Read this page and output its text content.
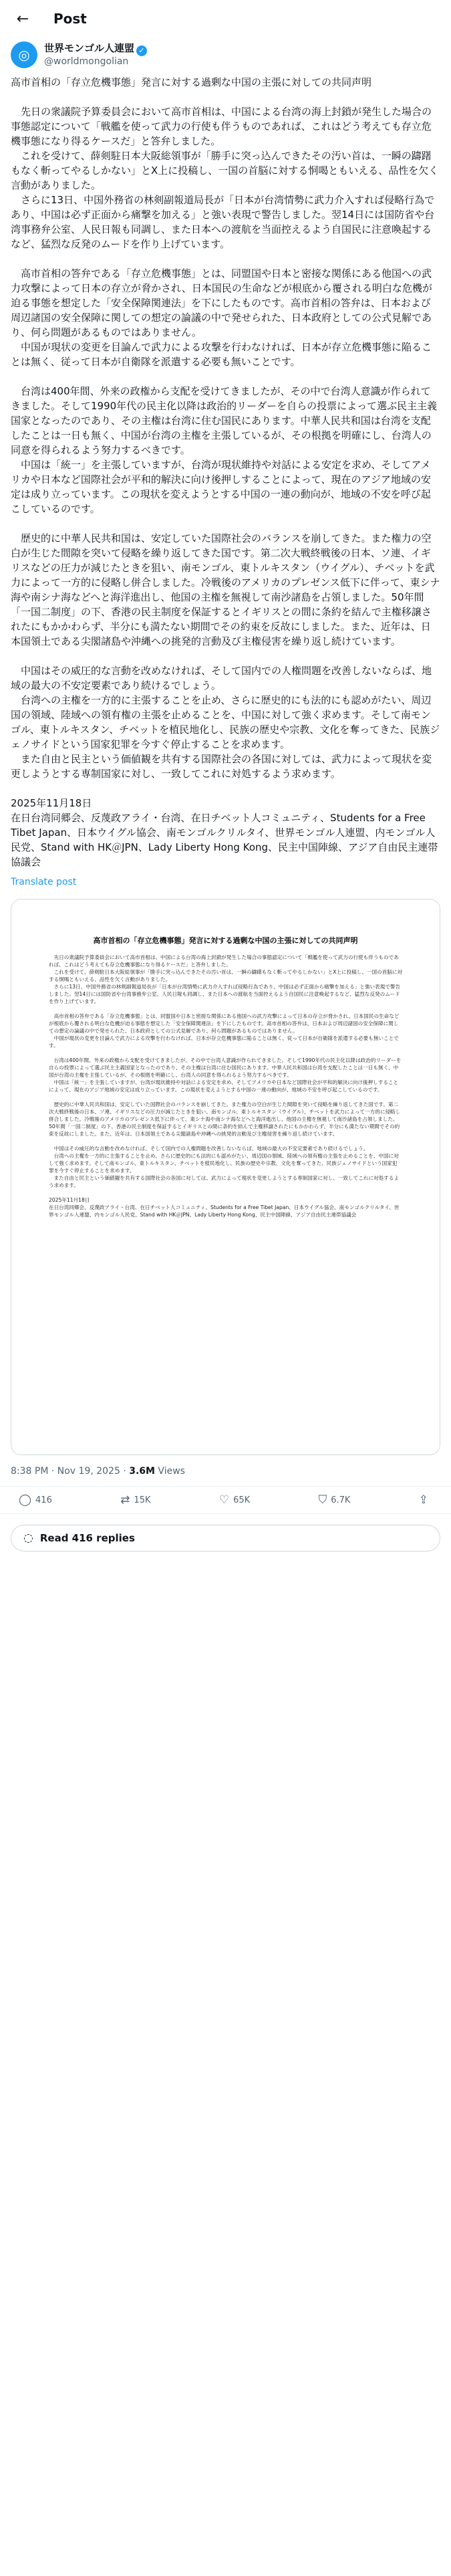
←	Post
◎	世界モンゴル人連盟 ✓
@worldmongolian

高市首相の「存立危機事態」発言に対する過剰な中国の主張に対しての共同声明

　先日の衆議院予算委員会において高市首相は、中国による台湾の海上封鎖が発生した場合の事態認定について「戦艦を使って武力の行使も伴うものであれば、これはどう考えても存立危機事態になり得るケースだ」と答弁しました。

　これを受けて、薛剣駐日本大阪総領事が「勝手に突っ込んできたその汚い首は、一瞬の躊躇もなく斬ってやるしかない」とX上に投稿し、一国の首脳に対する恫喝ともいえる、品性を欠く言動がありました。

　さらに13日、中国外務省の林剣副報道局長が「日本が台湾情勢に武力介入すれば侵略行為であり、中国は必ず正面から痛撃を加える」と強い表現で警告しました。翌14日には国防省や台湾事務弁公室、人民日報も同調し、また日本への渡航を当面控えるよう自国民に注意喚起するなど、猛烈な反発のムードを作り上げています。

　高市首相の答弁である「存立危機事態」とは、同盟国や日本と密接な関係にある他国への武力攻撃によって日本の存立が脅かされ、日本国民の生命などが根底から覆される明白な危機が迫る事態を想定した「安全保障関連法」を下にしたものです。高市首相の答弁は、日本および周辺諸国の安全保障に関しての想定の論議の中で発せられた、日本政府としての公式見解であり、何ら問題があるものではありません。

　中国が現状の変更を目論んで武力による攻撃を行わなければ、日本が存立危機事態に陥ることは無く、従って日本が自衛隊を派遣する必要も無いことです。

　台湾は400年間、外来の政権から支配を受けてきましたが、その中で台湾人意識が作られてきました。そして1990年代の民主化以降は政治的リーダーを自らの投票によって選ぶ民主主義国家となったのであり、その主権は台湾に住む国民にあります。中華人民共和国は台湾を支配したことは一日も無く、中国が台湾の主権を主張しているが、その根拠を明確にし、台湾人の同意を得られるよう努力するべきです。

　中国は「統一」を主張していますが、台湾が現状維持や対話による安定を求め、そしてアメリカや日本など国際社会が平和的解決に向け後押しすることによって、現在のアジア地域の安定は成り立っています。この現状を変えようとする中国の一連の動向が、地域の不安を呼び起こしているのです。

　歴史的に中華人民共和国は、安定していた国際社会のバランスを崩してきた。また権力の空白が生じた間隙を突いて侵略を繰り返してきた国です。第二次大戦終戦後の日本、ソ連、イギリスなどの圧力が減じたときを狙い、南モンゴル、東トルキスタン（ウイグル）、チベットを武力によって一方的に侵略し併合しました。冷戦後のアメリカのプレゼンス低下に伴って、東シナ海や南シナ海などへと海洋進出し、他国の主権を無視して南沙諸島を占領しました。50年間「一国二制度」の下、香港の民主制度を保証するとイギリスとの間に条約を結んで主権移譲されたにもかかわらず、半分にも満たない期間でその約束を反故にしました。また、近年は、日本国領土である尖閣諸島や沖縄への挑発的言動及び主権侵害を繰り返し続けています。

　中国はその威圧的な言動を改めなければ、そして国内での人権問題を改善しないならば、地域の最大の不安定要素であり続けるでしょう。

　台湾への主権を一方的に主張することを止め、さらに歴史的にも法的にも認めがたい、周辺国の領域、陸域への領有権の主張を止めることを、中国に対して強く求めます。そして南モンゴル、東トルキスタン、チベットを植民地化し、民族の歴史や宗教、文化を奪ってきた、民族ジェノサイドという国家犯罪を今すぐ停止することを求めます。

　また自由と民主という価値観を共有する国際社会の各国に対しては、武力によって現状を変更しようとする専制国家に対し、一致してこれに対処するよう求めます。

2025年11月18日

在日台湾同郷会、反蔑政アライ・台湾、在日チベット人コミュニティ、Students for a Free Tibet Japan、日本ウイグル協会、南モンゴルクリルタイ、世界モンゴル人連盟、内モンゴル人民党、Stand with HK＠JPN、Lady Liberty Hong Kong、民主中国陣線、アジア自由民主連帯協議会

Translate post
高市首相の「存立危機事態」発言に対する過剰な中国の主張に対しての共同声明

　先日の衆議院予算委員会において高市首相は、中国による台湾の海上封鎖が発生した場合の事態認定について「戦艦を使って武力の行使も伴うものであれば、これはどう考えても存立危機事態になり得るケースだ」と答弁しました。

　これを受けて、薛剣駐日本大阪総領事が「勝手に突っ込んできたその汚い首は、一瞬の躊躇もなく斬ってやるしかない」とX上に投稿し、一国の首脳に対する恫喝ともいえる、品性を欠く言動がありました。

　さらに13日、中国外務省の林剣副報道局長が「日本が台湾情勢に武力介入すれば侵略行為であり、中国は必ず正面から痛撃を加える」と強い表現で警告しました。翌14日には国防省や台湾事務弁公室、人民日報も同調し、また日本への渡航を当面控えるよう自国民に注意喚起するなど、猛烈な反発のムードを作り上げています。

　高市首相の答弁である「存立危機事態」とは、同盟国や日本と密接な関係にある他国への武力攻撃によって日本の存立が脅かされ、日本国民の生命などが根底から覆される明白な危機が迫る事態を想定した「安全保障関連法」を下にしたものです。高市首相の答弁は、日本および周辺諸国の安全保障に関しての想定の論議の中で発せられた、日本政府としての公式見解であり、何ら問題があるものではありません。

　中国が現状の変更を目論んで武力による攻撃を行わなければ、日本が存立危機事態に陥ることは無く、従って日本が自衛隊を派遣する必要も無いことです。

　台湾は400年間、外来の政権から支配を受けてきましたが、その中で台湾人意識が作られてきました。そして1990年代の民主化以降は政治的リーダーを自らの投票によって選ぶ民主主義国家となったのであり、その主権は台湾に住む国民にあります。中華人民共和国は台湾を支配したことは一日も無く、中国が台湾の主権を主張しているが、その根拠を明確にし、台湾人の同意を得られるよう努力するべきです。

　中国は「統一」を主張していますが、台湾が現状維持や対話による安定を求め、そしてアメリカや日本など国際社会が平和的解決に向け後押しすることによって、現在のアジア地域の安定は成り立っています。この現状を変えようとする中国の一連の動向が、地域の不安を呼び起こしているのです。

　歴史的に中華人民共和国は、安定していた国際社会のバランスを崩してきた。また権力の空白が生じた間隙を突いて侵略を繰り返してきた国です。第二次大戦終戦後の日本、ソ連、イギリスなどの圧力が減じたときを狙い、南モンゴル、東トルキスタン（ウイグル）、チベットを武力によって一方的に侵略し併合しました。冷戦後のアメリカのプレゼンス低下に伴って、東シナ海や南シナ海などへと海洋進出し、他国の主権を無視して南沙諸島を占領しました。50年間「一国二制度」の下、香港の民主制度を保証するとイギリスとの間に条約を結んで主権移譲されたにもかかわらず、半分にも満たない期間でその約束を反故にしました。また、近年は、日本国領土である尖閣諸島や沖縄への挑発的言動及び主権侵害を繰り返し続けています。

　中国はその威圧的な言動を改めなければ、そして国内での人権問題を改善しないならば、地域の最大の不安定要素であり続けるでしょう。

　台湾への主権を一方的に主張することを止め、さらに歴史的にも法的にも認めがたい、周辺国の領域、陸域への領有権の主張を止めることを、中国に対して強く求めます。そして南モンゴル、東トルキスタン、チベットを植民地化し、民族の歴史や宗教、文化を奪ってきた、民族ジェノサイドという国家犯罪を今すぐ停止することを求めます。

　また自由と民主という価値観を共有する国際社会の各国に対しては、武力によって現状を変更しようとする専制国家に対し、一致してこれに対処するよう求めます。

2025年11月18日

在日台湾同郷会、反蔑政アライ・台湾、在日チベット人コミュニティ、Students for a Free Tibet Japan、日本ウイグル協会、南モンゴルクリルタイ、世界モンゴル人連盟、内モンゴル人民党、Stand with HK＠JPN、Lady Liberty Hong Kong、民主中国陣線、アジア自由民主連帯協議会

8:38 PM · Nov 19, 2025 · 3.6M Views
◯ 416	⇄ 15K	♡ 65K	⛉ 6.7K	⇪
◌ Read 416 replies
